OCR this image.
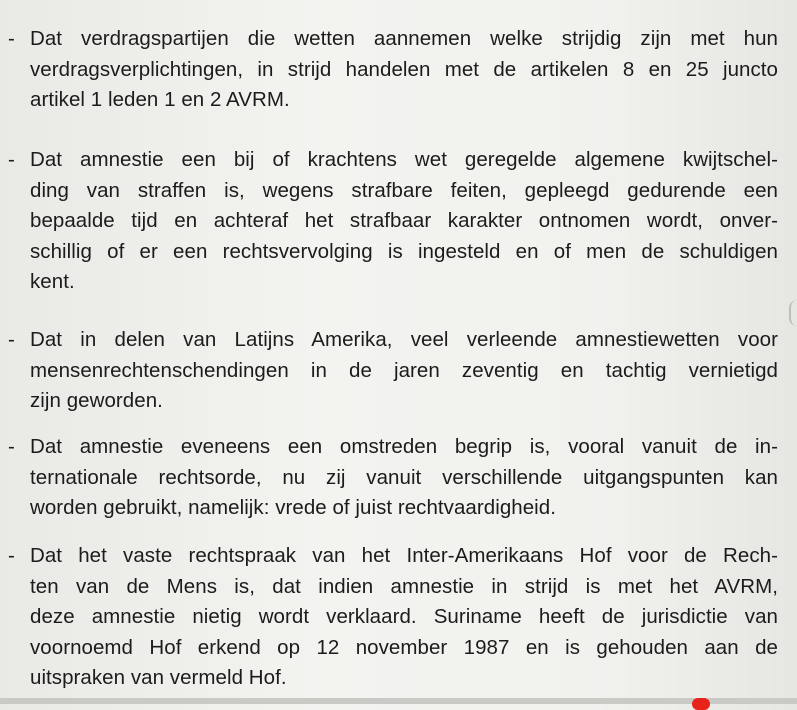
- Dat verdragspartijen die wetten aannemen welke strijdig zijn met hun
verdragsverplichtingen, in strijd handelen met de artikelen 8 en 25 juncto
artikel 1 leden 1 en 2 AVRM.
- Dat amnestie een bij of krachtens wet geregelde algemene kwijtschel-
ding van straffen is, wegens strafbare feiten, gepleegd gedurende een
bepaalde tijd en achteraf het strafbaar karakter ontnomen wordt, onver-
schillig of er een rechtsvervolging is ingesteld en of men de schuldigen
kent.
- Dat in delen van Latijns Amerika, veel verleende amnestiewetten voor
mensenrechtenschendingen in de jaren zeventig en tachtig vernietigd
zijn geworden.
- Dat amnestie eveneens een omstreden begrip is, vooral vanuit de in-
ternationale rechtsorde, nu zij vanuit verschillende uitgangspunten kan
worden gebruikt, namelijk: vrede of juist rechtvaardigheid.
- Dat het vaste rechtspraak van het Inter-Amerikaans Hof voor de Rech-
ten van de Mens is, dat indien amnestie in strijd is met het AVRM,
deze amnestie nietig wordt verklaard. Suriname heeft de jurisdictie van
voornoemd Hof erkend op 12 november 1987 en is gehouden aan de
uitspraken van vermeld Hof.
